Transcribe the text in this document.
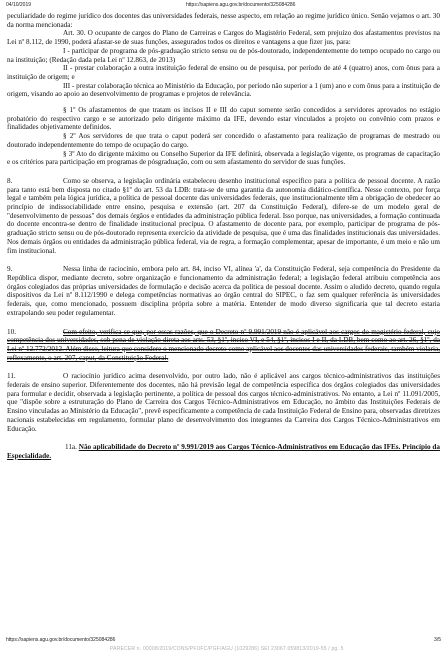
04/10/2019	https://sapiens.agu.gov.br/documento/325084286

peculiaridade do regime jurídico dos docentes das universidades federais, nesse aspecto, em relação ao regime jurídico único. Senão vejamos o art. 30 da norma mencionada:

Art. 30. O ocupante de cargos do Plano de Carreiras e Cargos do Magistério Federal, sem prejuízo dos afastamentos previstos na Lei nº 8.112, de 1990, poderá afastar-se de suas funções, assegurados todos os direitos e vantagens a que fizer jus, para:

I - participar de programa de pós-graduação stricto sensu ou de pós-doutorado, independentemente do tempo ocupado no cargo ou na instituição; (Redação dada pela Lei nº 12.863, de 2013)

II - prestar colaboração a outra instituição federal de ensino ou de pesquisa, por período de até 4 (quatro) anos, com ônus para a instituição de origem; e

III - prestar colaboração técnica ao Ministério da Educação, por período não superior a 1 (um) ano e com ônus para a instituição de origem, visando ao apoio ao desenvolvimento de programas e projetos de relevância.

§ 1º Os afastamentos de que tratam os incisos II e III do caput somente serão concedidos a servidores aprovados no estágio probatório do respectivo cargo e se autorizado pelo dirigente máximo da IFE, devendo estar vinculados a projeto ou convênio com prazos e finalidades objetivamente definidos.

§ 2º Aos servidores de que trata o caput poderá ser concedido o afastamento para realização de programas de mestrado ou doutorado independentemente do tempo de ocupação do cargo.

§ 3º Ato do dirigente máximo ou Conselho Superior da IFE definirá, observada a legislação vigente, os programas de capacitação e os critérios para participação em programas de pósgraduação, com ou sem afastamento do servidor de suas funções.

8.	Como se observa, a legislação ordinária estabeleceu desenho institucional específico para a política de pessoal docente. A razão para tanto está bem disposta no citado §1º do art. 53 da LDB: trata-se de uma garantia da autonomia didático-científica. Nesse contexto, por força legal e também pela lógica jurídica, a política de pessoal docente das universidades federais, que institucionalmente têm a obrigação de obedecer ao princípio de indissociabilidade entre ensino, pesquisa e extensão (art. 207 da Constituição Federal), difere-se de um modelo geral de "desenvolvimento de pessoas" dos demais órgãos e entidades da administração pública federal. Isso porque, nas universidades, a formação continuada do docente encontra-se dentro de finalidade institucional precípua. O afastamento de docente para, por exemplo, participar de programa de pós-graduação stricto sensu ou de pós-doutorado representa exercício da atividade de pesquisa, que é uma das finalidades institucionais das universidades. Nos demais órgãos ou entidades da administração pública federal, via de regra, a formação complementar, apesar de importante, é um meio e não um fim institucional.

9.	Nessa linha de raciocínio, embora pelo art. 84, inciso VI, alínea 'a', da Constituição Federal, seja competência do Presidente da República dispor, mediante decreto, sobre organização e funcionamento da administração federal; a legislação federal atribuiu competência aos órgãos colegiados das próprias universidades de formulação e decisão acerca da política de pessoal docente. Assim o aludido decreto, quando regula dispositivos da Lei nº 8.112/1990 e delega competências normativas ao órgão central do SIPEC, o faz sem qualquer referência às universidades federais, que, como mencionado, possuem disciplina própria sobre a matéria. Entender de modo diverso significaria que tal decreto estaria extrapolando seu poder regulamentar.

10.	Com efeito, verifica-se que, por essas razões, que o Decreto nº 9.991/2019 não é aplicável aos cargos do magistério federal, cujo competência dos universidades, sob pena de violação direta aos arts. 53, §1º, inciso VI, e 54, §1º, incisos I e II, da LDB, bem como ao art. 26, §1º, da Lei nº 12.772/2012. Além disso, leitura que considere o mencionado decreto como aplicável aos docentes das universidades federais, também violaria, reflexamente, o art. 207, caput, da Constituição Federal.

11.	O raciocínio jurídico acima desenvolvido, por outro lado, não é aplicável aos cargos técnico-administrativos das instituições federais de ensino superior. Diferentemente dos docentes, não há previsão legal de competência específica dos órgãos colegiados das universidades para formular e decidir, observada a legislação pertinente, a política de pessoal dos cargos técnico-administrativos. No entanto, a Lei nº 11.091/2005, que "dispõe sobre a estruturação do Plano de Carreira dos Cargos Técnico-Administrativos em Educação, no âmbito das Instituições Federais de Ensino vinculadas ao Ministério da Educação", prevê especificamente a competência de cada Instituição Federal de Ensino para, observadas diretrizes nacionais estabelecidas em regulamento, formular plano de desenvolvimento dos integrantes da Carreira dos Cargos Técnico-Administrativos em Educação.

11a. Não aplicabilidade do Decreto nº 9.991/2019 aos Cargos Técnico-Administrativos em Educação das IFEs. Princípio da Especialidade.

https://sapiens.agu.gov.br/documento/325084286	3/5
PARECER n. 00008/2019/CONS/PFUFC/PGF/AGU (1029286) SEI 23067.059813/2019-55 / pg. 5
